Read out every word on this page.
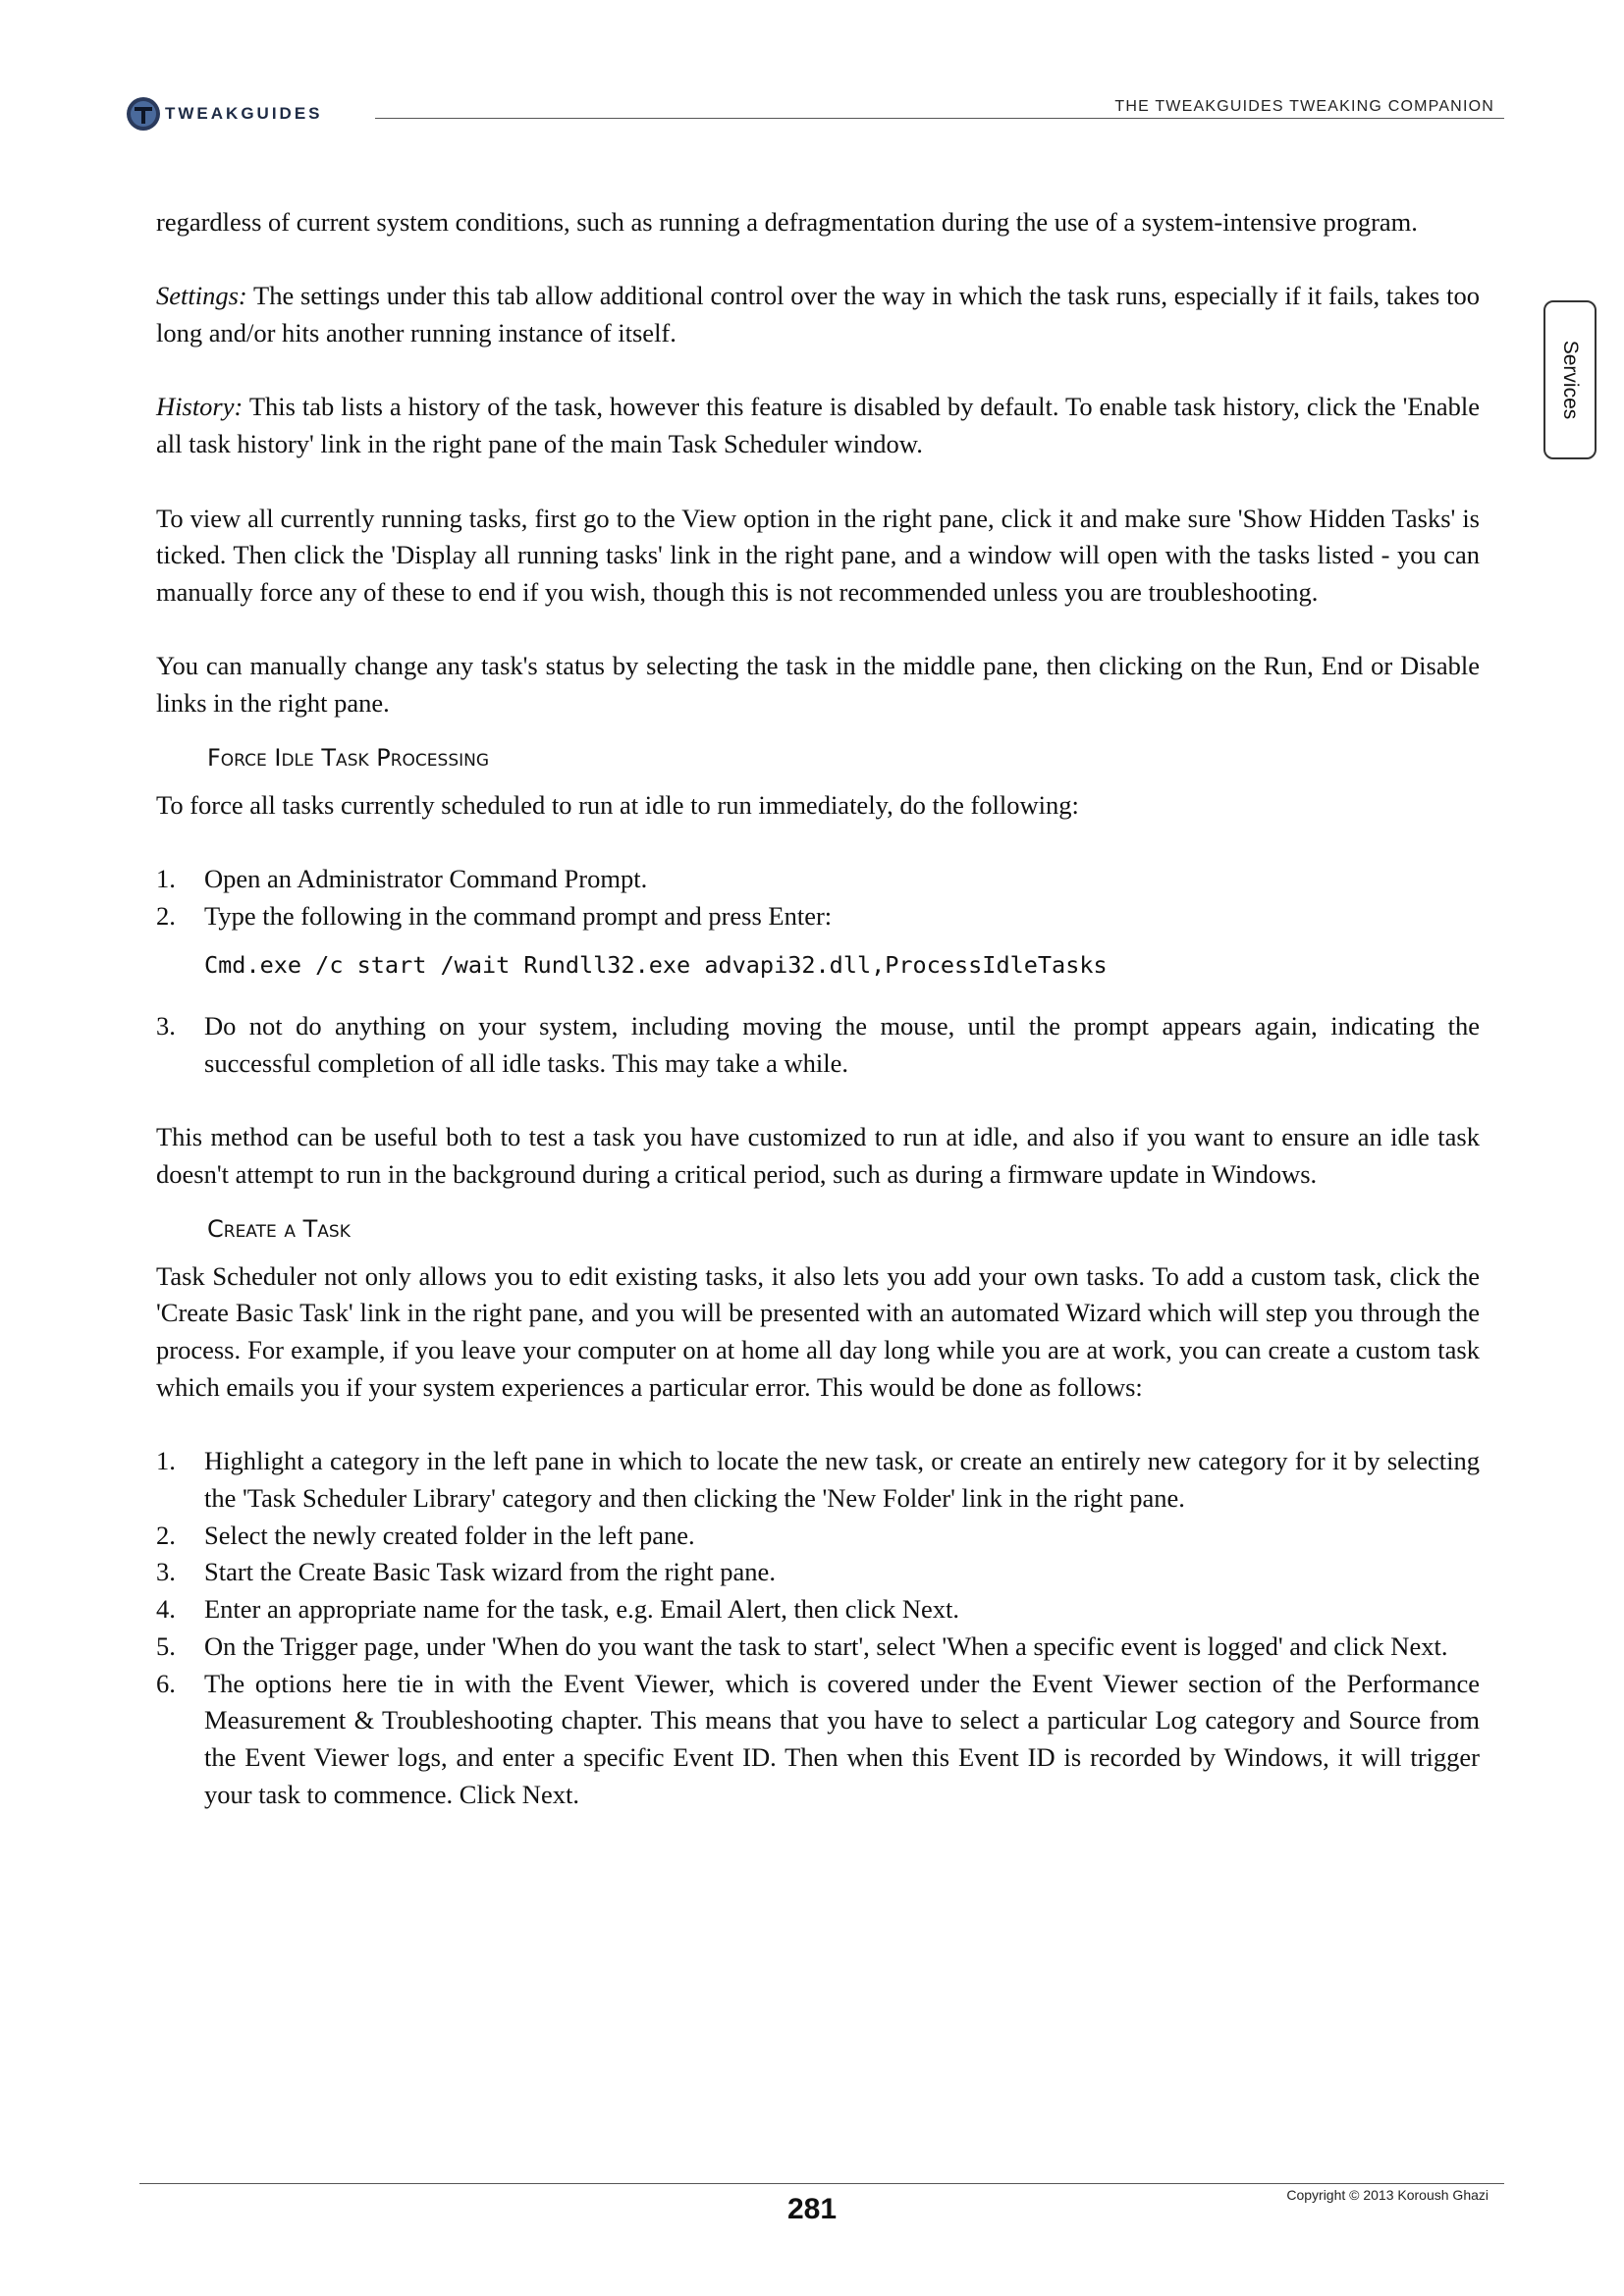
TWEAKGUIDES	THE TWEAKGUIDES TWEAKING COMPANION
Services

regardless of current system conditions, such as running a defragmentation during the use of a system-intensive program.

Settings: The settings under this tab allow additional control over the way in which the task runs, especially if it fails, takes too long and/or hits another running instance of itself.

History: This tab lists a history of the task, however this feature is disabled by default. To enable task history, click the 'Enable all task history' link in the right pane of the main Task Scheduler window.

To view all currently running tasks, first go to the View option in the right pane, click it and make sure 'Show Hidden Tasks' is ticked. Then click the 'Display all running tasks' link in the right pane, and a window will open with the tasks listed - you can manually force any of these to end if you wish, though this is not recommended unless you are troubleshooting.

You can manually change any task's status by selecting the task in the middle pane, then clicking on the Run, End or Disable links in the right pane.

Force Idle Task Processing

To force all tasks currently scheduled to run at idle to run immediately, do the following:

1. Open an Administrator Command Prompt.
2. Type the following in the command prompt and press Enter:
Cmd.exe /c start /wait Rundll32.exe advapi32.dll,ProcessIdleTasks
3. Do not do anything on your system, including moving the mouse, until the prompt appears again, indicating the successful completion of all idle tasks. This may take a while.

This method can be useful both to test a task you have customized to run at idle, and also if you want to ensure an idle task doesn't attempt to run in the background during a critical period, such as during a firmware update in Windows.

Create a Task

Task Scheduler not only allows you to edit existing tasks, it also lets you add your own tasks. To add a custom task, click the 'Create Basic Task' link in the right pane, and you will be presented with an automated Wizard which will step you through the process. For example, if you leave your computer on at home all day long while you are at work, you can create a custom task which emails you if your system experiences a particular error. This would be done as follows:

1. Highlight a category in the left pane in which to locate the new task, or create an entirely new category for it by selecting the 'Task Scheduler Library' category and then clicking the 'New Folder' link in the right pane.
2. Select the newly created folder in the left pane.
3. Start the Create Basic Task wizard from the right pane.
4. Enter an appropriate name for the task, e.g. Email Alert, then click Next.
5. On the Trigger page, under 'When do you want the task to start', select 'When a specific event is logged' and click Next.
6. The options here tie in with the Event Viewer, which is covered under the Event Viewer section of the Performance Measurement & Troubleshooting chapter. This means that you have to select a particular Log category and Source from the Event Viewer logs, and enter a specific Event ID. Then when this Event ID is recorded by Windows, it will trigger your task to commence. Click Next.
281	Copyright © 2013 Koroush Ghazi
